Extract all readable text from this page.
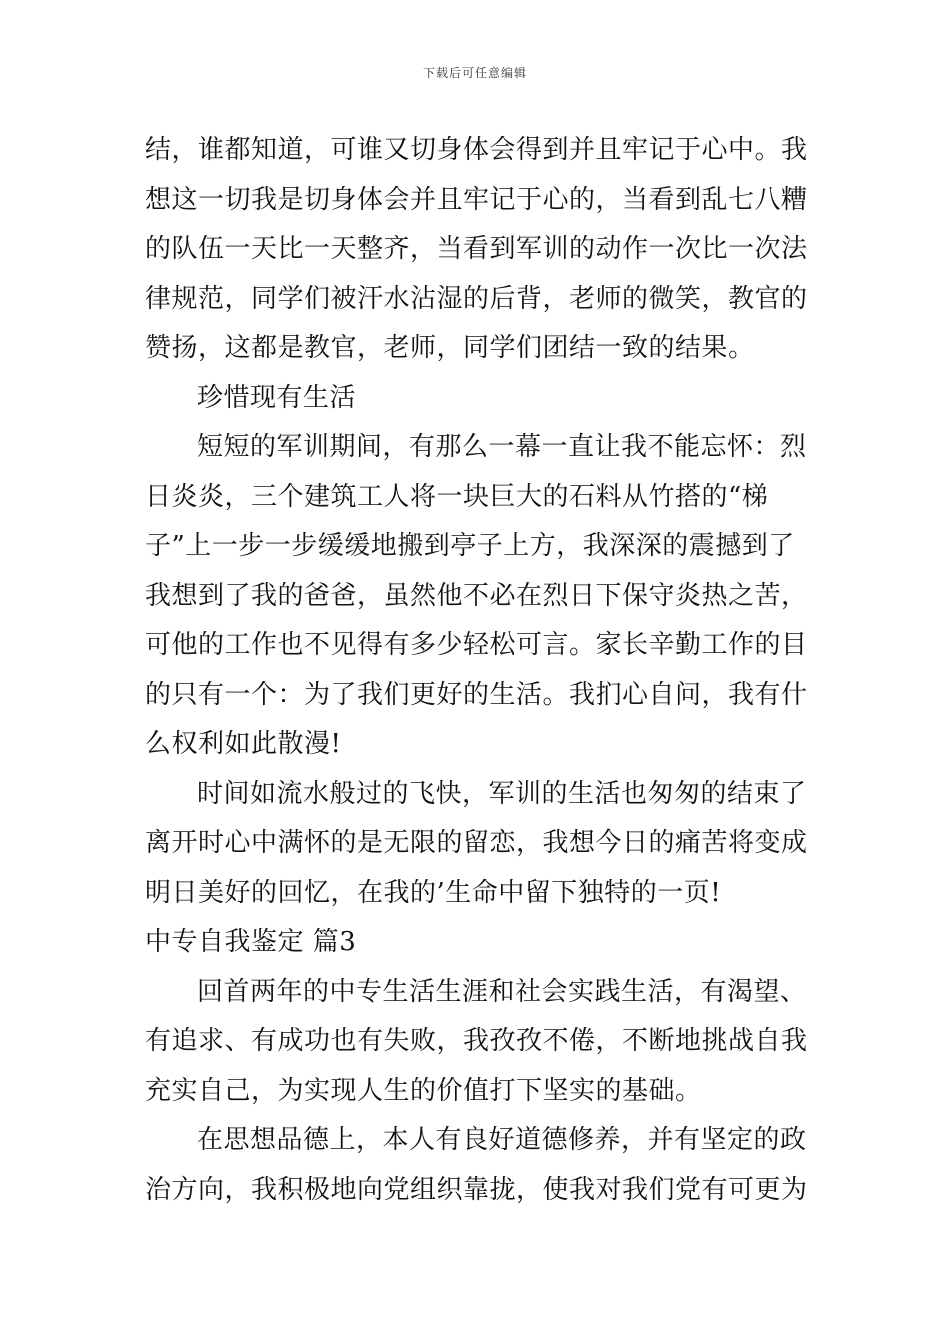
下载后可任意编辑
结，谁都知道，可谁又切身体会得到并且牢记于心中。我
想这一切我是切身体会并且牢记于心的，当看到乱七八糟
的队伍一天比一天整齐，当看到军训的动作一次比一次法
律规范，同学们被汗水沾湿的后背，老师的微笑，教官的
赞扬，这都是教官，老师，同学们团结一致的结果。
珍惜现有生活
短短的军训期间，有那么一幕一直让我不能忘怀：烈
日炎炎，三个建筑工人将一块巨大的石料从竹搭的“梯
子”上一步一步缓缓地搬到亭子上方，我深深的震撼到了
我想到了我的爸爸，虽然他不必在烈日下保守炎热之苦，
可他的工作也不见得有多少轻松可言。家长辛勤工作的目
的只有一个：为了我们更好的生活。我扪心自问，我有什
么权利如此散漫!
时间如流水般过的飞快，军训的生活也匆匆的结束了
离开时心中满怀的是无限的留恋，我想今日的痛苦将变成
明日美好的回忆，在我的’生命中留下独特的一页!
中专自我鉴定 篇3
回首两年的中专生活生涯和社会实践生活，有渴望、
有追求、有成功也有失败，我孜孜不倦，不断地挑战自我
充实自己，为实现人生的价值打下坚实的基础。
在思想品德上，本人有良好道德修养，并有坚定的政
治方向，我积极地向党组织靠拢，使我对我们党有可更为
